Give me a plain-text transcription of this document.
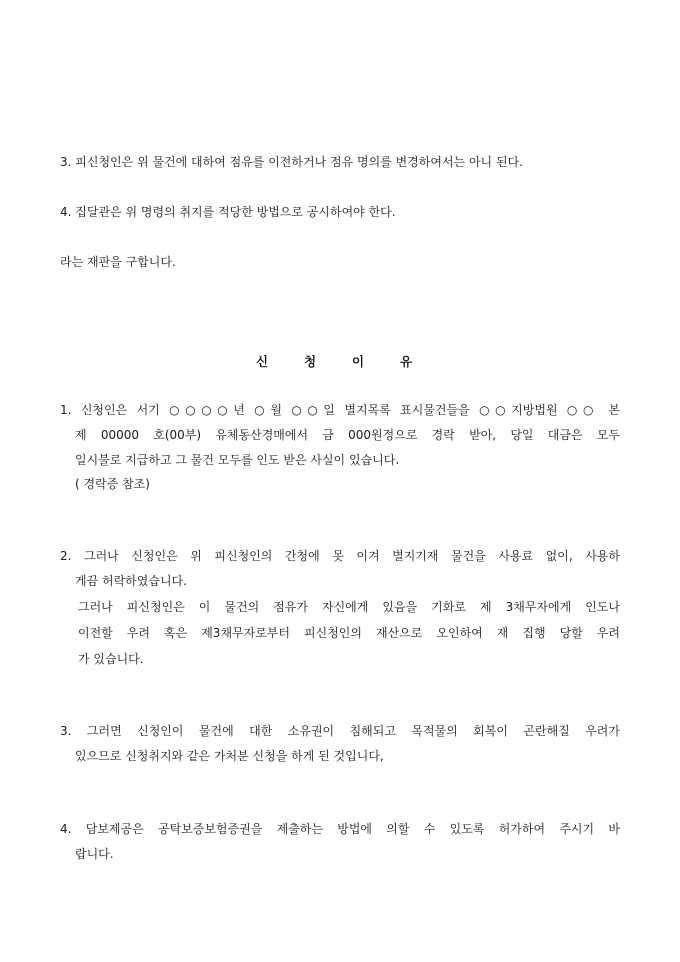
3. 피신청인은 위 물건에 대하여 점유를 이전하거나 점유 명의를 변경하여서는 아니 된다.
4. 집달관은 위 명령의 취지를 적당한 방법으로 공시하여야 한다.
라는 재판을 구합니다.
신	청	이	유
1. 신청인은 서기 ○○○○년 ○월 ○○일 별지목록 표시물건들을 ○○지방법원 ○○ 본
제 00000 호(00부) 유체동산경매에서 금 000원정으로 경락 받아, 당일 대금은 모두
일시불로 지급하고 그 물건 모두를 인도 받은 사실이 있습니다.
( 경락증 참조)
2. 그러나 신청인은 위 피신청인의 간청에 못 이겨 별지기재 물건을 사용료 없이, 사용하
게끔 허락하였습니다.
그러나 피신청인은 이 물건의 점유가 자신에게 있음을 기화로 제 3채무자에게 인도나
이전할 우려 혹은 제3채무자로부터 피신청인의 재산으로 오인하여 재 집행 당할 우려
가 있습니다.
3. 그러면 신청인이 물건에 대한 소유권이 침해되고 목적물의 회복이 곤란해질 우려가
있으므로 신청취지와 같은 가처분 신청을 하게 된 것입니다,
4. 담보제공은 공탁보증보험증권을 제출하는 방법에 의할 수 있도록 허가하여 주시기 바
랍니다.
